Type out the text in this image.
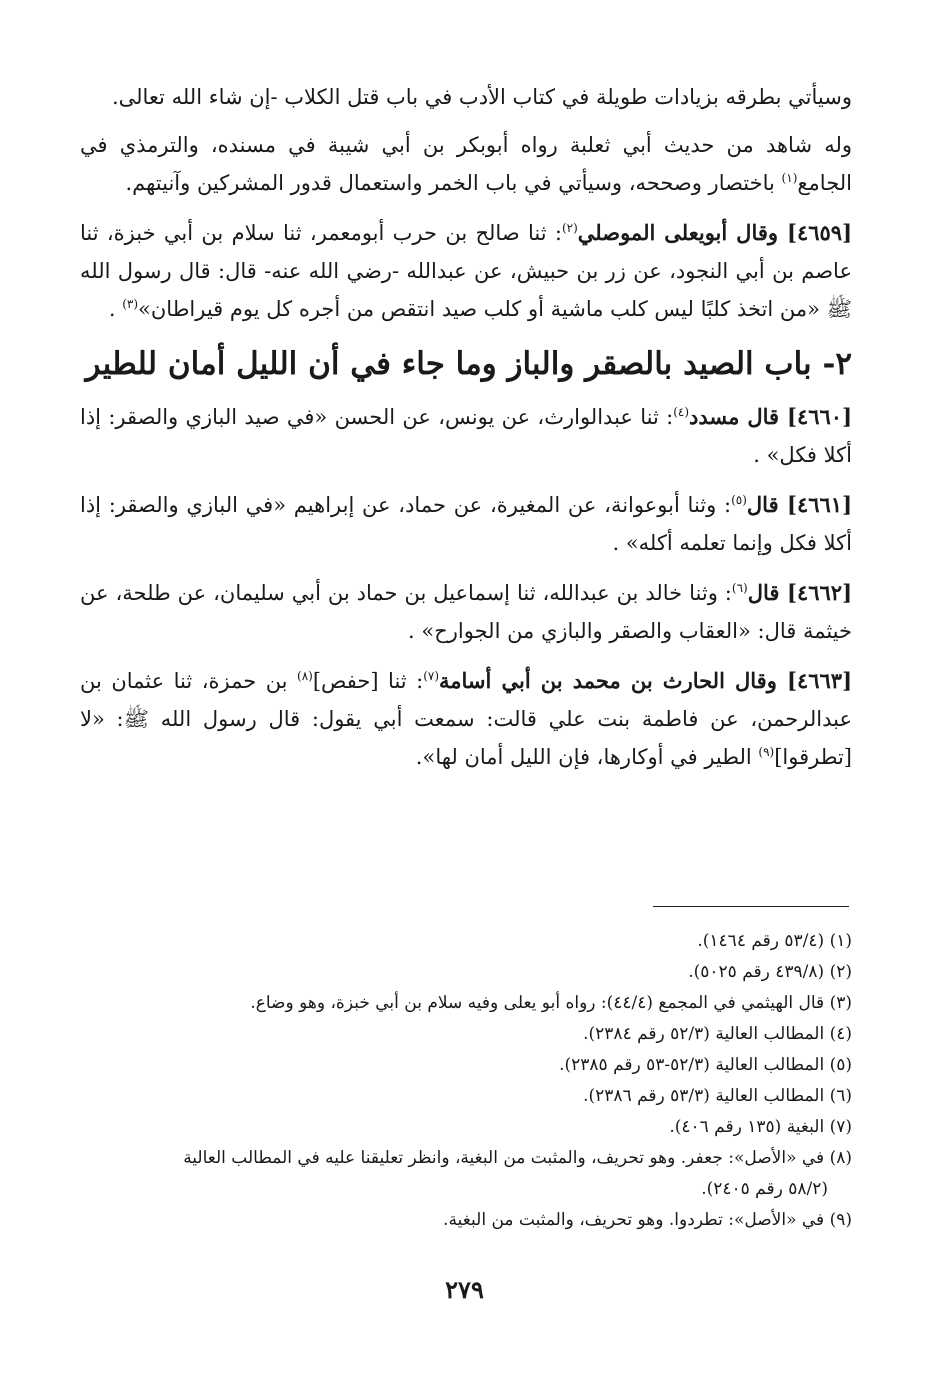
وسيأتي بطرقه بزيادات طويلة في كتاب الأدب في باب قتل الكلاب -إن شاء الله تعالى.

وله شاهد من حديث أبي ثعلبة رواه أبوبكر بن أبي شيبة في مسنده، والترمذي في الجامع$^{(١)}$ باختصار وصححه، وسيأتي في باب الخمر واستعمال قدور المشركين وآنيتهم.

[٤٦٥٩] وقال أبويعلى الموصلي$^{(٢)}$: ثنا صالح بن حرب أبومعمر، ثنا سلام بن أبي خبزة، ثنا عاصم بن أبي النجود، عن زر بن حبيش، عن عبدالله -رضي الله عنه- قال: قال رسول الله ﷺ «من اتخذ كلبًا ليس كلب ماشية أو كلب صيد انتقص من أجره كل يوم قيراطان»$^{(٣)}$ .

٢- باب الصيد بالصقر والباز وما جاء في أن الليل أمان للطير

[٤٦٦٠] قال مسدد$^{(٤)}$: ثنا عبدالوارث، عن يونس، عن الحسن «في صيد البازي والصقر: إذا أكلا فكل» .

[٤٦٦١] قال$^{(٥)}$: وثنا أبوعوانة، عن المغيرة، عن حماد، عن إبراهيم «في البازي والصقر: إذا أكلا فكل وإنما تعلمه أكله» .

[٤٦٦٢] قال$^{(٦)}$: وثنا خالد بن عبدالله، ثنا إسماعيل بن حماد بن أبي سليمان، عن طلحة، عن خيثمة قال: «العقاب والصقر والبازي من الجوارح» .

[٤٦٦٣] وقال الحارث بن محمد بن أبي أسامة$^{(٧)}$: ثنا [حفص]$^{(٨)}$ بن حمزة، ثنا عثمان بن عبدالرحمن، عن فاطمة بنت علي قالت: سمعت أبي يقول: قال رسول الله ﷺ: «لا [تطرقوا]$^{(٩)}$ الطير في أوكارها، فإن الليل أمان لها».

(١) (٥٣/٤ رقم ١٤٦٤).

(٢) (٤٣٩/٨ رقم ٥٠٢٥).

(٣) قال الهيثمي في المجمع (٤٤/٤): رواه أبو يعلى وفيه سلام بن أبي خبزة، وهو وضاع.

(٤) المطالب العالية (٥٢/٣ رقم ٢٣٨٤).

(٥) المطالب العالية (٥٢/٣-٥٣ رقم ٢٣٨٥).

(٦) المطالب العالية (٥٣/٣ رقم ٢٣٨٦).

(٧) البغية (١٣٥ رقم ٤٠٦).

(٨) في «الأصل»: جعفر. وهو تحريف، والمثبت من البغية، وانظر تعليقنا عليه في المطالب العالية

(٥٨/٢ رقم ٢٤٠٥).

(٩) في «الأصل»: تطردوا. وهو تحريف، والمثبت من البغية.

٢٧٩
